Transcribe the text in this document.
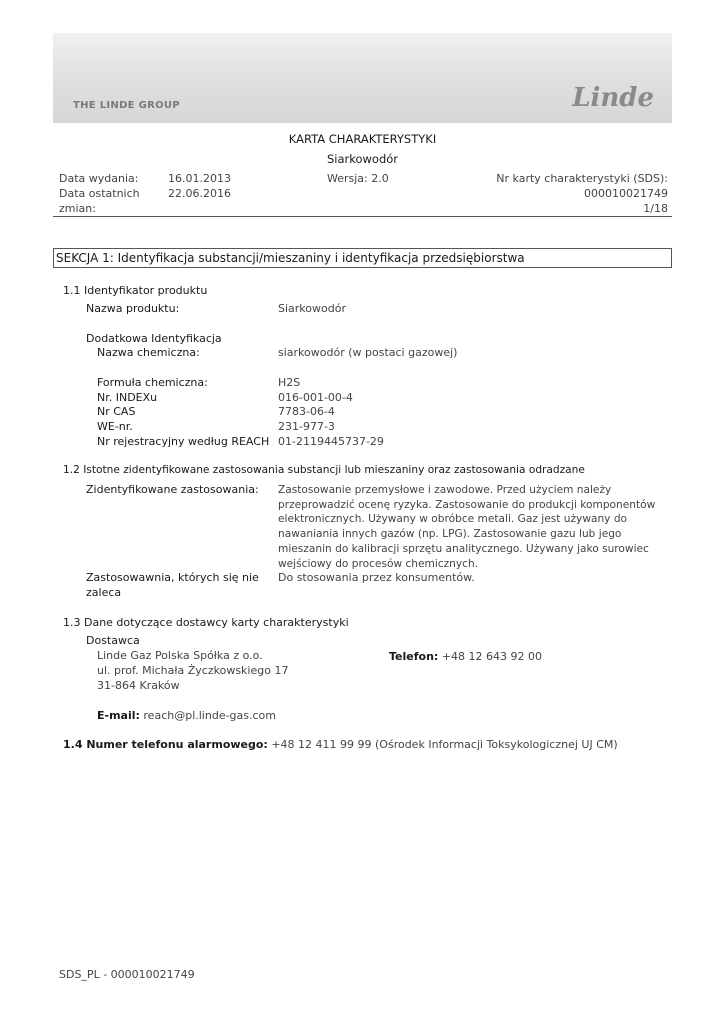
THE LINDE GROUP	Linde
KARTA CHARAKTERYSTYKI
Siarkowodór
Data wydania:	16.01.2013	Wersja: 2.0	Nr karty charakterystyki (SDS):
Data ostatnich	22.06.2016	000010021749
zmian:	1/18
SEKCJA 1: Identyfikacja substancji/mieszaniny i identyfikacja przedsiębiorstwa
1.1 Identyfikator produktu
Nazwa produktu:	Siarkowodór
Dodatkowa Identyfikacja
Nazwa chemiczna:	siarkowodór (w postaci gazowej)
Formuła chemiczna:	H2S
Nr. INDEXu	016-001-00-4
Nr CAS	7783-06-4
WE-nr.	231-977-3
Nr rejestracyjny według REACH 01-2119445737-29
1.2 Istotne zidentyfikowane zastosowania substancji lub mieszaniny oraz zastosowania odradzane
Zidentyfikowane zastosowania: Zastosowanie przemysłowe i zawodowe. Przed użyciem należy przeprowadzić ocenę ryzyka. Zastosowanie do produkcji komponentów elektronicznych. Używany w obróbce metali. Gaz jest używany do nawaniania innych gazów (np. LPG). Zastosowanie gazu lub jego mieszanin do kalibracji sprzętu analitycznego. Używany jako surowiec wejściowy do procesów chemicznych.
Zastosowawnia, których się nie zaleca
Do stosowania przez konsumentów.
1.3 Dane dotyczące dostawcy karty charakterystyki
Dostawca
Linde Gaz Polska Spółka z o.o.
ul. prof. Michała Życzkowskiego 17
31-864 Kraków
Telefon: +48 12 643 92 00
E-mail: reach@pl.linde-gas.com
1.4 Numer telefonu alarmowego: +48 12 411 99 99 (Ośrodek Informacji Toksykologicznej UJ CM)
SDS_PL - 000010021749
